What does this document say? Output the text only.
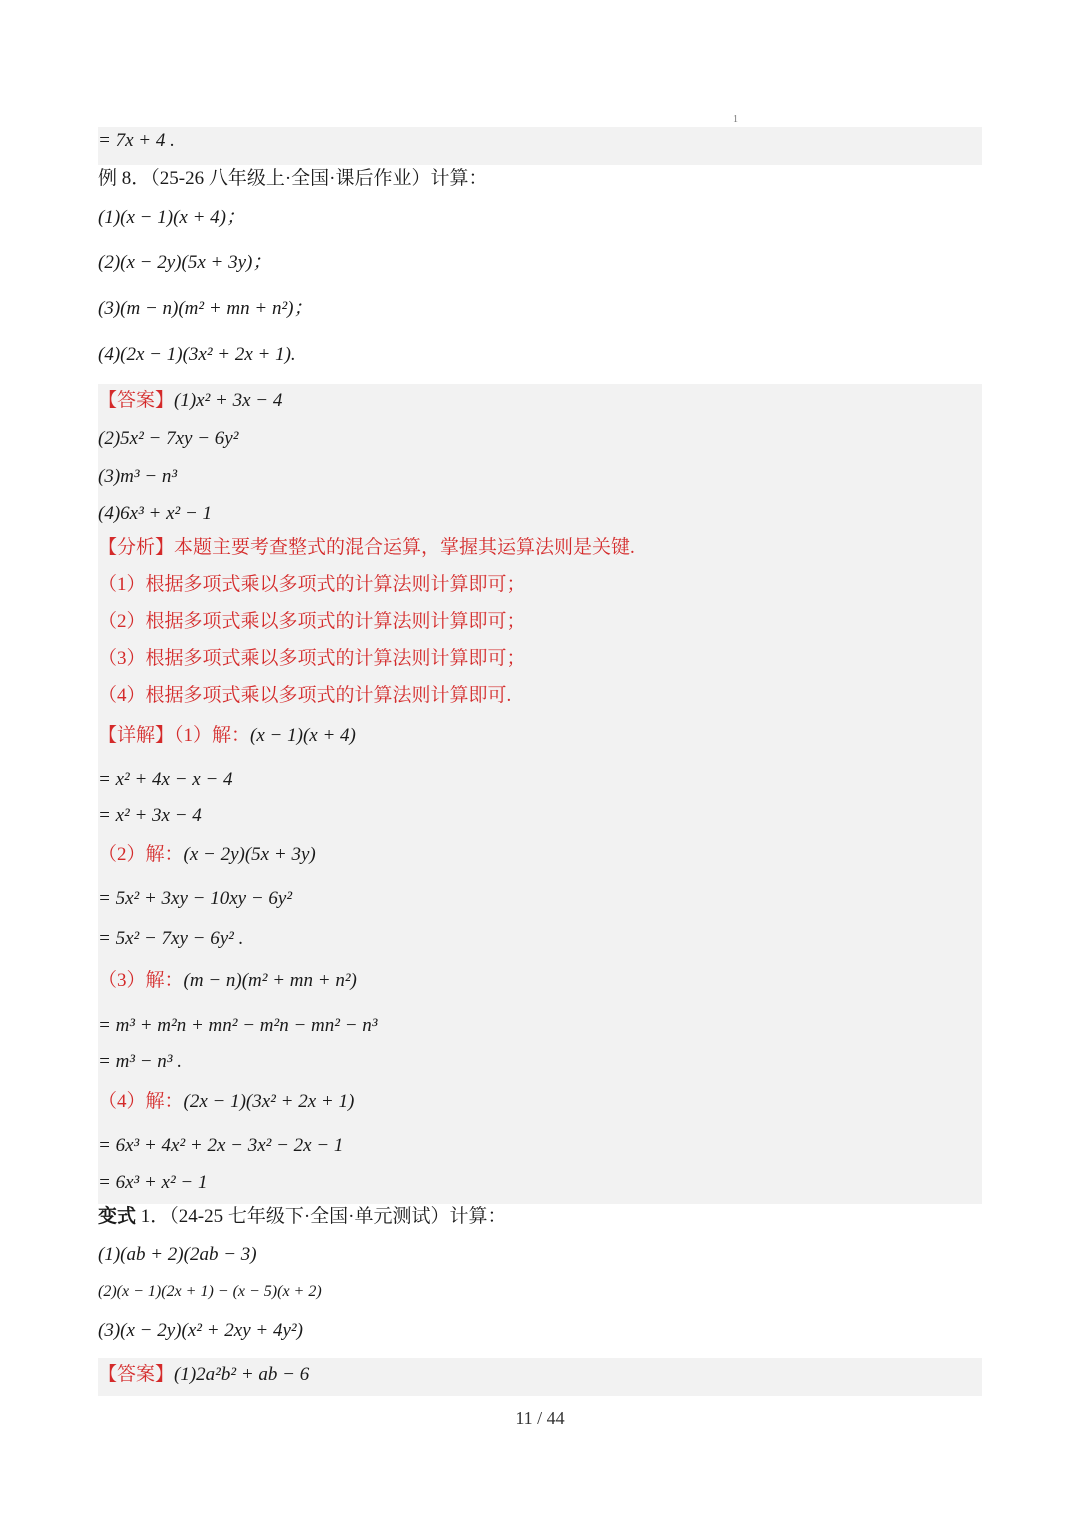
1
= 7x + 4 .
例 8．（25-26 八年级上·全国·课后作业）计算：
(1)(x − 1)(x + 4)；
(2)(x − 2y)(5x + 3y)；
(3)(m − n)(m² + mn + n²)；
(4)(2x − 1)(3x² + 2x + 1).
【答案】(1)x² + 3x − 4
(2)5x² − 7xy − 6y²
(3)m³ − n³
(4)6x³ + x² − 1
【分析】本题主要考查整式的混合运算，掌握其运算法则是关键.
（1）根据多项式乘以多项式的计算法则计算即可；
（2）根据多项式乘以多项式的计算法则计算即可；
（3）根据多项式乘以多项式的计算法则计算即可；
（4）根据多项式乘以多项式的计算法则计算即可.
【详解】（1）解：(x − 1)(x + 4)
= x² + 4x − x − 4
= x² + 3x − 4
（2）解：(x − 2y)(5x + 3y)
= 5x² + 3xy − 10xy − 6y²
= 5x² − 7xy − 6y² .
（3）解：(m − n)(m² + mn + n²)
= m³ + m²n + mn² − m²n − mn² − n³
= m³ − n³ .
（4）解：(2x − 1)(3x² + 2x + 1)
= 6x³ + 4x² + 2x − 3x² − 2x − 1
= 6x³ + x² − 1
变式 1．（24-25 七年级下·全国·单元测试）计算：
(1)(ab + 2)(2ab − 3)
(2)(x − 1)(2x + 1) − (x − 5)(x + 2)
(3)(x − 2y)(x² + 2xy + 4y²)
【答案】(1)2a²b² + ab − 6
11 / 44
